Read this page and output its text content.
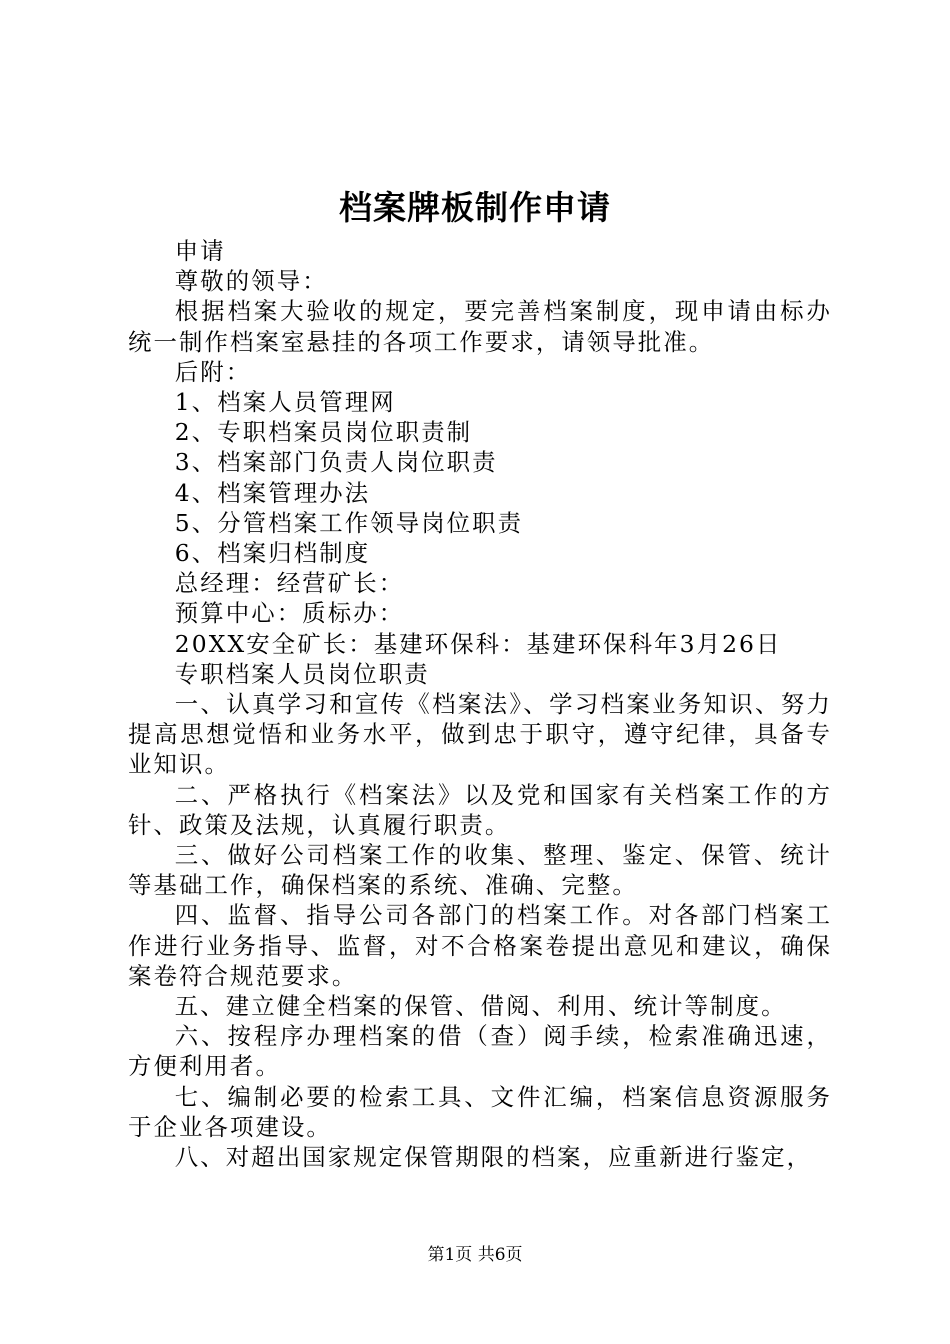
档案牌板制作申请

申请

尊敬的领导：

根据档案大验收的规定，要完善档案制度，现申请由标办统一制作档案室悬挂的各项工作要求，请领导批准。

后附：

1、档案人员管理网

2、专职档案员岗位职责制

3、档案部门负责人岗位职责

4、档案管理办法

5、分管档案工作领导岗位职责

6、档案归档制度

总经理：经营矿长：

预算中心：质标办：

20XX安全矿长：基建环保科：基建环保科年3月26日

专职档案人员岗位职责

一、认真学习和宣传《档案法》、学习档案业务知识、努力提高思想觉悟和业务水平，做到忠于职守，遵守纪律，具备专业知识。

二、严格执行《档案法》以及党和国家有关档案工作的方针、政策及法规，认真履行职责。

三、做好公司档案工作的收集、整理、鉴定、保管、统计等基础工作，确保档案的系统、准确、完整。

四、监督、指导公司各部门的档案工作。对各部门档案工作进行业务指导、监督，对不合格案卷提出意见和建议，确保案卷符合规范要求。

五、建立健全档案的保管、借阅、利用、统计等制度。

六、按程序办理档案的借（查）阅手续，检索准确迅速，方便利用者。

七、编制必要的检索工具、文件汇编，档案信息资源服务于企业各项建设。

八、对超出国家规定保管期限的档案，应重新进行鉴定，

第1页 共6页
